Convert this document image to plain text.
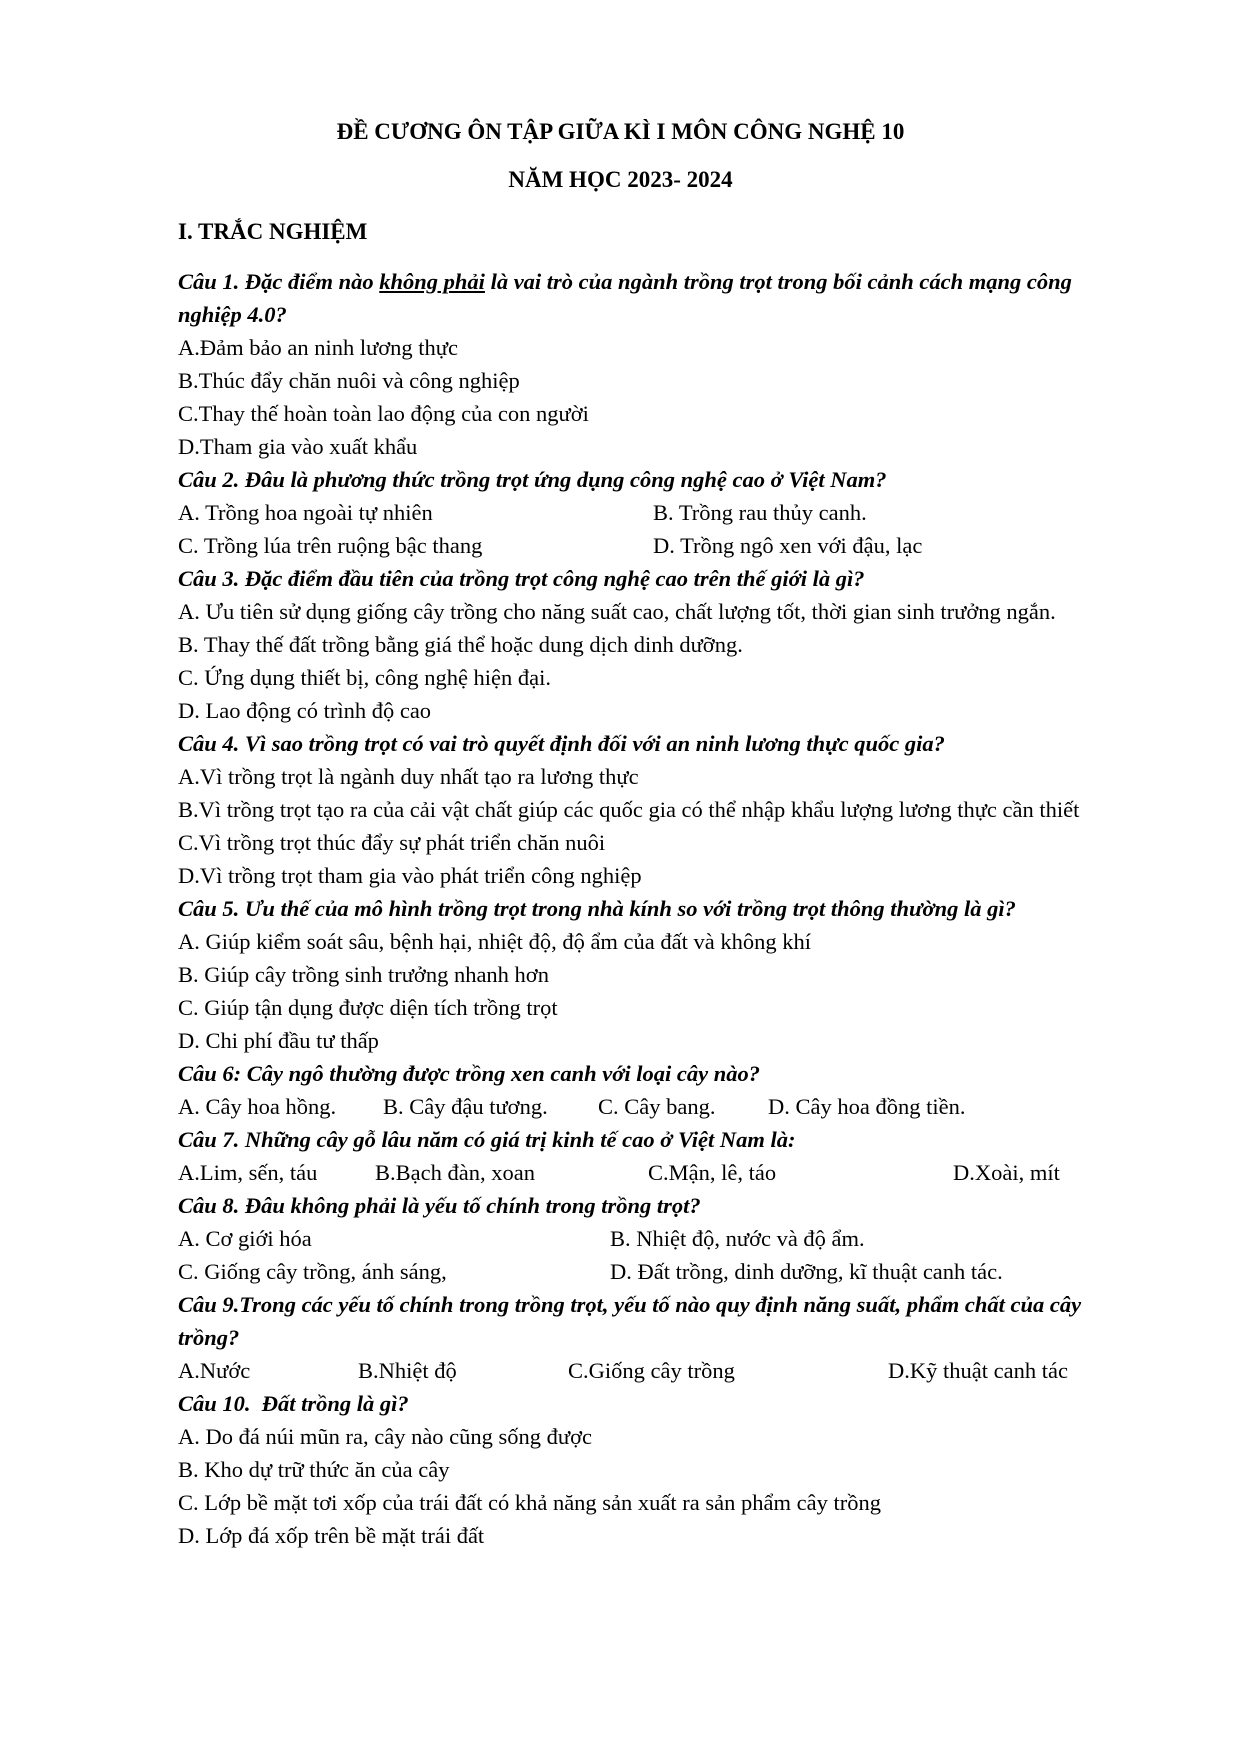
ĐỀ CƯƠNG ÔN TẬP GIỮA KÌ I MÔN CÔNG NGHỆ 10
NĂM HỌC 2023- 2024
I. TRẮC NGHIỆM
Câu 1. Đặc điểm nào không phải là vai trò của ngành trồng trọt trong bối cảnh cách mạng công nghiệp 4.0?
A.Đảm bảo an ninh lương thực
B.Thúc đẩy chăn nuôi và công nghiệp
C.Thay thế hoàn toàn lao động của con người
D.Tham gia vào xuất khẩu
Câu 2. Đâu là phương thức trồng trọt ứng dụng công nghệ cao ở Việt Nam?
A. Trồng hoa ngoài tự nhiên	B. Trồng rau thủy canh.
C. Trồng lúa trên ruộng bậc thang	D. Trồng ngô xen với đậu, lạc
Câu 3. Đặc điểm đầu tiên của trồng trọt công nghệ cao trên thế giới là gì?
A. Ưu tiên sử dụng giống cây trồng cho năng suất cao, chất lượng tốt, thời gian sinh trưởng ngắn.
B. Thay thế đất trồng bằng giá thể hoặc dung dịch dinh dưỡng.
C. Ứng dụng thiết bị, công nghệ hiện đại.
D. Lao động có trình độ cao
Câu 4. Vì sao trồng trọt có vai trò quyết định đối với an ninh lương thực quốc gia?
A.Vì trồng trọt là ngành duy nhất tạo ra lương thực
B.Vì trồng trọt tạo ra của cải vật chất giúp các quốc gia có thể nhập khẩu lượng lương thực cần thiết
C.Vì trồng trọt thúc đẩy sự phát triển chăn nuôi
D.Vì trồng trọt tham gia vào phát triển công nghiệp
Câu 5. Ưu thế của mô hình trồng trọt trong nhà kính so với trồng trọt thông thường là gì?
A. Giúp kiểm soát sâu, bệnh hại, nhiệt độ, độ ẩm của đất và không khí
B. Giúp cây trồng sinh trưởng nhanh hơn
C. Giúp tận dụng được diện tích trồng trọt
D. Chi phí đầu tư thấp
Câu 6: Cây ngô thường được trồng xen canh với loại cây nào?
A. Cây hoa hồng. B. Cây đậu tương. C. Cây bang. D. Cây hoa đồng tiền.
Câu 7. Những cây gỗ lâu năm có giá trị kinh tế cao ở Việt Nam là:
A.Lim, sến, táu	B.Bạch đàn, xoan	C.Mận, lê, táo	D.Xoài, mít
Câu 8. Đâu không phải là yếu tố chính trong trồng trọt?
A. Cơ giới hóa	B. Nhiệt độ, nước và độ ẩm.
C. Giống cây trồng, ánh sáng,	D. Đất trồng, dinh dưỡng, kĩ thuật canh tác.
Câu 9.Trong các yếu tố chính trong trồng trọt, yếu tố nào quy định năng suất, phẩm chất của cây trồng?
A.Nước	B.Nhiệt độ	C.Giống cây trồng	D.Kỹ thuật canh tác
Câu 10.  Đất trồng là gì?
A. Do đá núi mũn ra, cây nào cũng sống được
B. Kho dự trữ thức ăn của cây
C. Lớp bề mặt tơi xốp của trái đất có khả năng sản xuất ra sản phẩm cây trồng
D. Lớp đá xốp trên bề mặt trái đất
